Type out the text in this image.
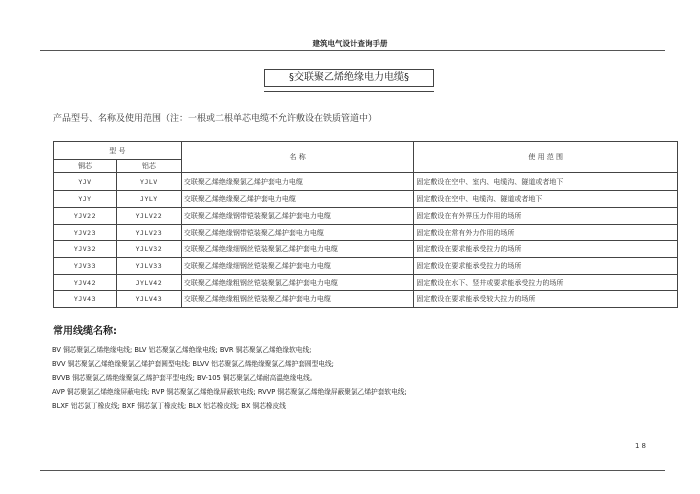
建筑电气设计查询手册
§交联聚乙烯绝缘电力电缆§
产品型号、名称及使用范围（注：一根或二根单芯电缆不允许敷设在铁质管道中）
型 号		名 称	使 用 范 围
铜芯	铝芯		
YJV	YJLV	交联聚乙烯绝缘聚氯乙烯护套电力电缆	固定敷设在空中、室内、电缆沟、隧道或者地下
YJY	JYLY	交联聚乙烯绝缘聚乙烯护套电力电缆	固定敷设在空中、电缆沟、隧道或者地下
YJV22	YJLV22	交联聚乙烯绝缘钢带铠装聚氯乙烯护套电力电缆	固定敷设在有外界压力作用的场所
YJV23	YJLV23	交联聚乙烯绝缘钢带铠装聚乙烯护套电力电缆	固定敷设在常有外力作用的场所
YJV32	YJLV32	交联聚乙烯绝缘细钢丝铠装聚氯乙烯护套电力电缆	固定敷设在要求能承受拉力的场所
YJV33	YJLV33	交联聚乙烯绝缘细钢丝铠装聚乙烯护套电力电缆	固定敷设在要求能承受拉力的场所
YJV42	JYLV42	交联聚乙烯绝缘粗钢丝铠装聚氯乙烯护套电力电缆	固定敷设在水下、竖井或要求能承受拉力的场所
YJV43	YJLV43	交联聚乙烯绝缘粗钢丝铠装聚乙烯护套电力电缆	固定敷设在要求能承受较大拉力的场所
常用线缆名称:
BV 铜芯聚氯乙烯绝缘电线; BLV 铝芯聚氯乙烯绝缘电线; BVR 铜芯聚氯乙烯绝缘软电线;
BVV 铜芯聚氯乙烯绝缘聚氯乙烯护套圆型电线; BLVV 铝芯聚氯乙烯绝缘聚氯乙烯护套圆型电线;
BVVB 铜芯聚氯乙烯绝缘聚氯乙烯护套平型电线; BV-105 铜芯聚氯乙烯耐高温绝缘电线。
AVP 铜芯聚氯乙烯绝缘屏蔽电线; RVP 铜芯聚氯乙烯绝缘屏蔽软电线; RVVP 铜芯聚氯乙烯绝缘屏蔽聚氯乙烯护套软电线;
BLXF 铝芯氯丁橡皮线; BXF 铜芯氯丁橡皮线; BLX 铝芯橡皮线; BX 铜芯橡皮线
18
